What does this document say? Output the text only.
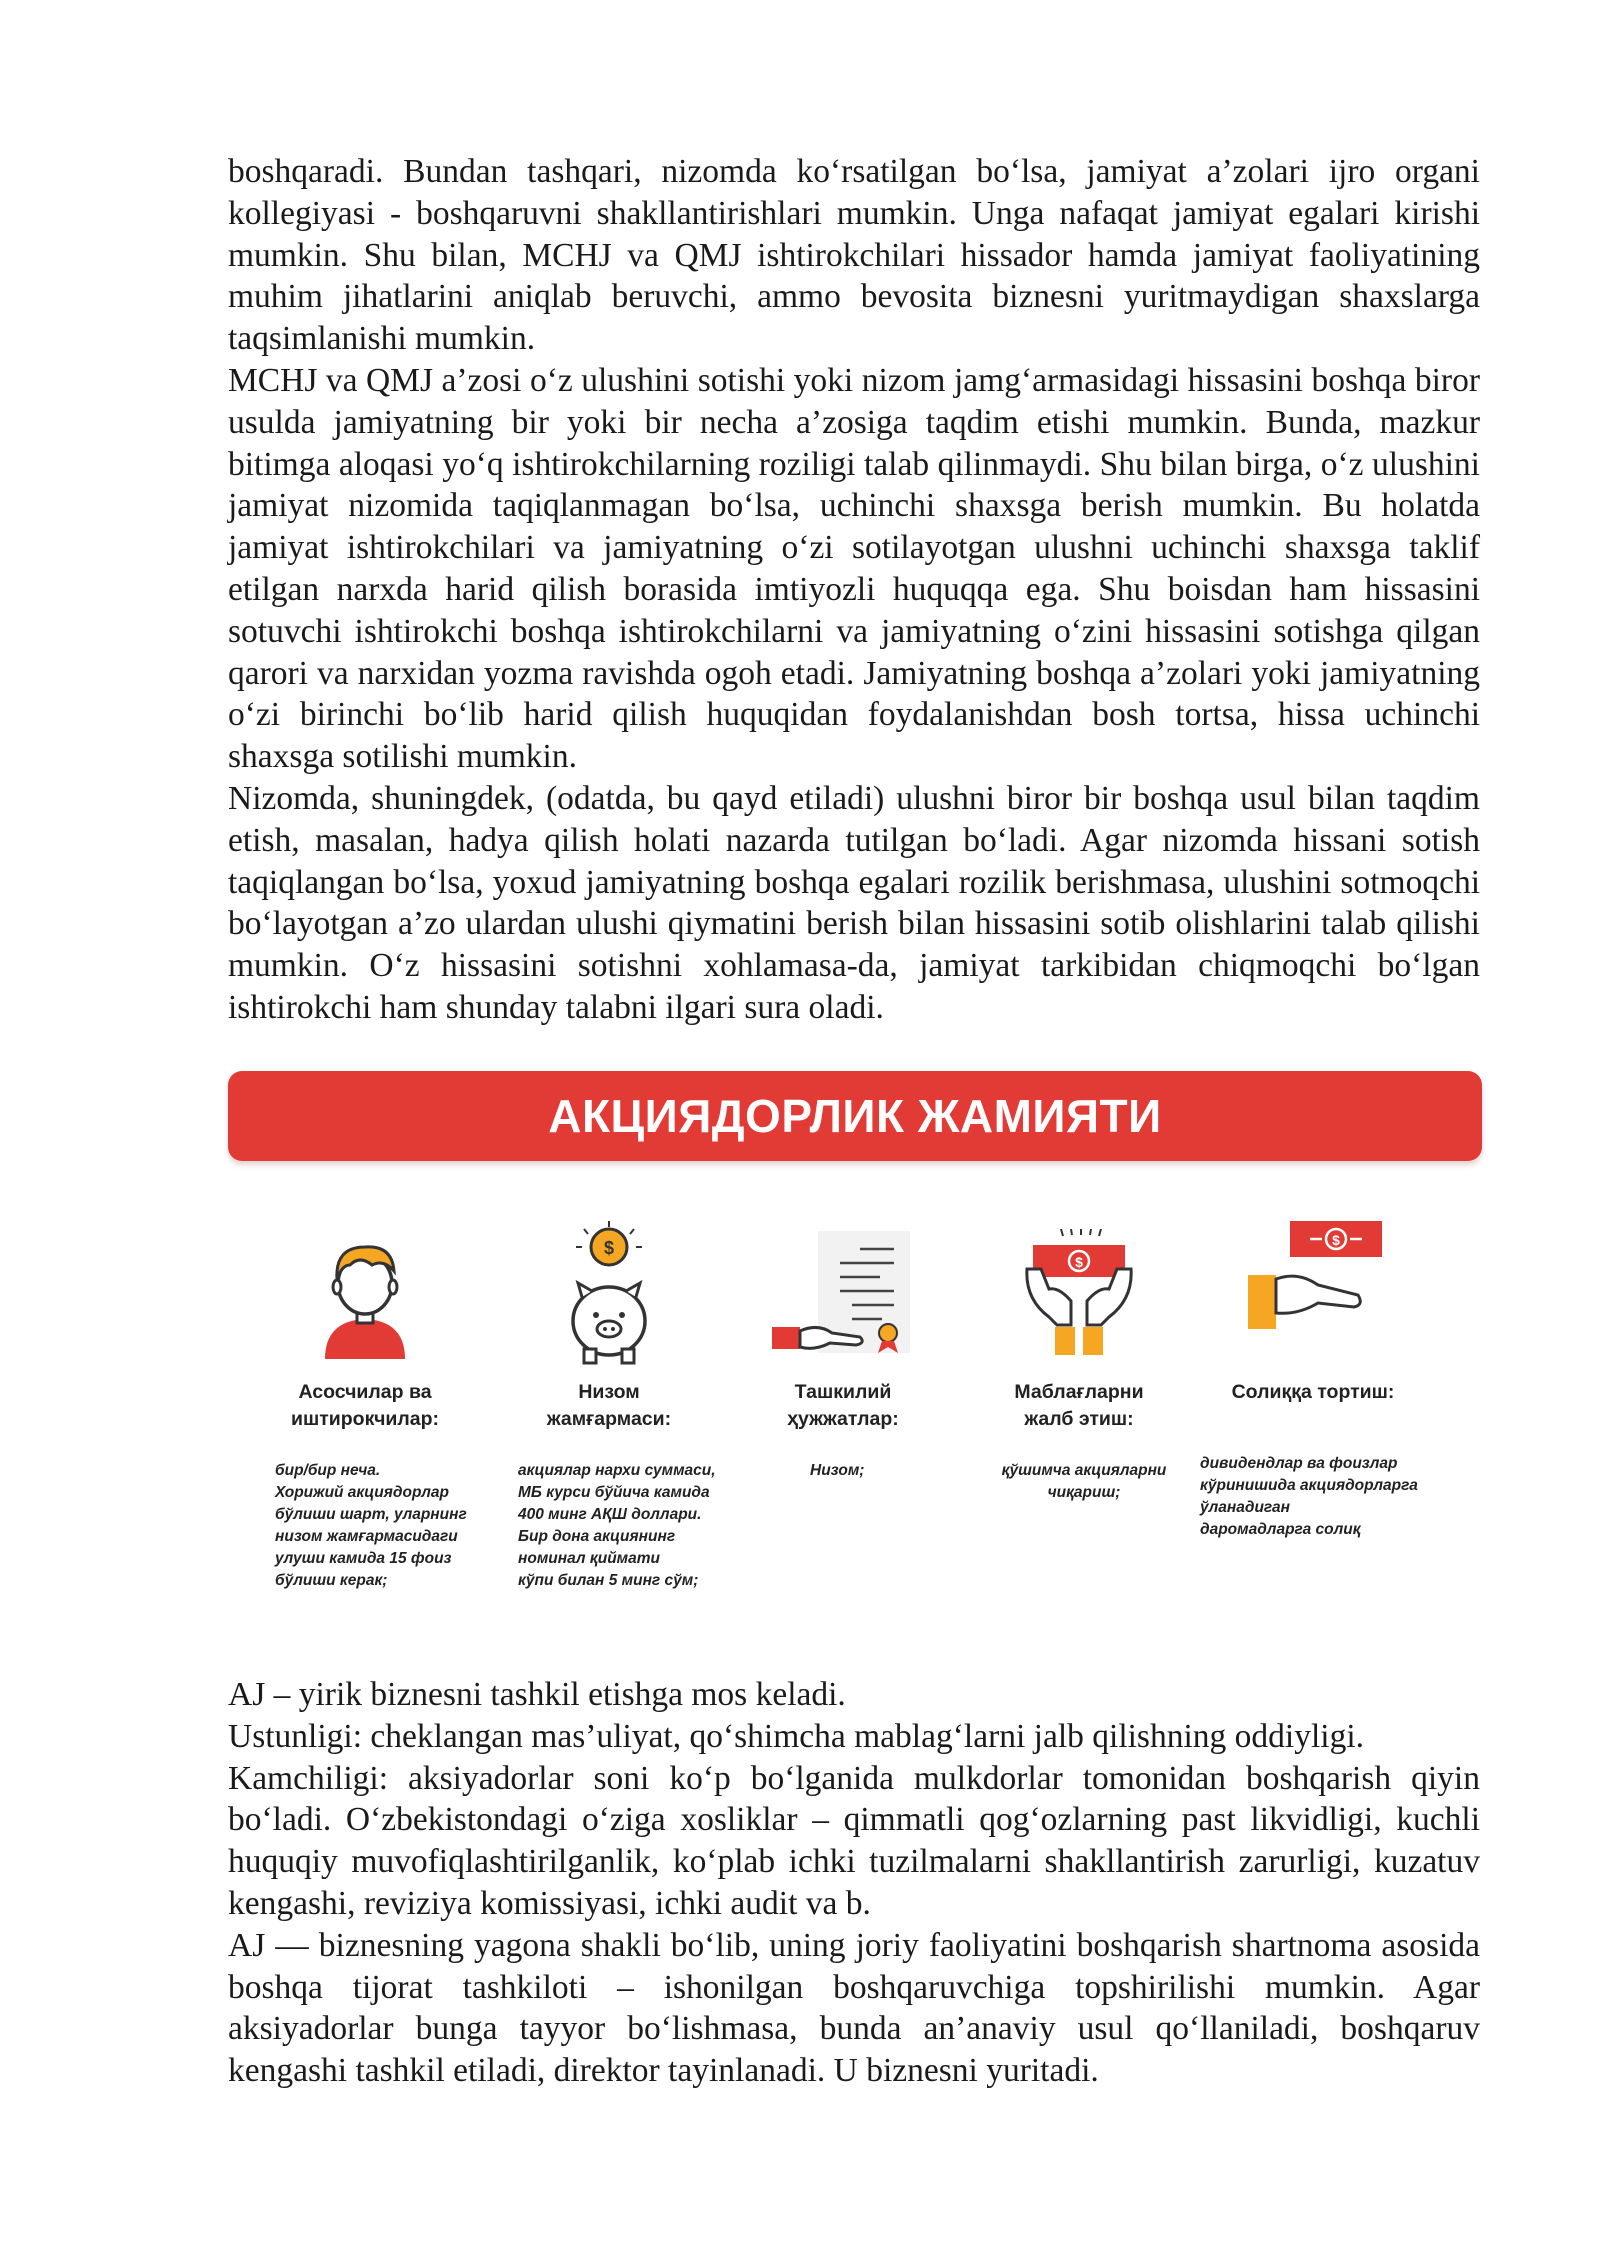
boshqaradi. Bundan tashqari, nizomda ko‘rsatilgan bo‘lsa, jamiyat a’zolari ijro organi kollegiyasi - boshqaruvni shakllantirishlari mumkin. Unga nafaqat jamiyat egalari kirishi mumkin. Shu bilan, MCHJ va QMJ ishtirokchilari hissador hamda jamiyat faoliyatining muhim jihatlarini aniqlab beruvchi, ammo bevosita biznesni yuritmaydigan shaxslarga taqsimlanishi mumkin.

MCHJ va QMJ a’zosi o‘z ulushini sotishi yoki nizom jamg‘armasidagi hissasini boshqa biror usulda jamiyatning bir yoki bir necha a’zosiga taqdim etishi mumkin. Bunda, mazkur bitimga aloqasi yo‘q ishtirokchilarning roziligi talab qilinmaydi. Shu bilan birga, o‘z ulushini jamiyat nizomida taqiqlanmagan bo‘lsa, uchinchi shaxsga berish mumkin. Bu holatda jamiyat ishtirokchilari va jamiyatning o‘zi sotilayotgan ulushni uchinchi shaxsga taklif etilgan narxda harid qilish borasida imtiyozli huquqqa ega. Shu boisdan ham hissasini sotuvchi ishtirokchi boshqa ishtirokchilarni va jamiyatning o‘zini hissasini sotishga qilgan qarori va narxidan yozma ravishda ogoh etadi. Jamiyatning boshqa a’zolari yoki jamiyatning o‘zi birinchi bo‘lib harid qilish huquqidan foydalanishdan bosh tortsa, hissa uchinchi shaxsga sotilishi mumkin.

Nizomda, shuningdek, (odatda, bu qayd etiladi) ulushni biror bir boshqa usul bilan taqdim etish, masalan, hadya qilish holati nazarda tutilgan bo‘ladi. Agar nizomda hissani sotish taqiqlangan bo‘lsa, yoxud jamiyatning boshqa egalari rozilik berishmasa, ulushini sotmoqchi bo‘layotgan a’zo ulardan ulushi qiymatini berish bilan hissasini sotib olishlarini talab qilishi mumkin. O‘z hissasini sotishni xohlamasa-da, jamiyat tarkibidan chiqmoqchi bo‘lgan ishtirokchi ham shunday talabni ilgari sura oladi.

АКЦИЯДОРЛИК ЖАМИЯТИ
Асосчилар ва
иштирокчилар:
бир/бир неча.
Хорижий акциядорлар
бўлиши шарт, уларнинг
низом жамғармасидаги
улуши камида 15 фоиз
бўлиши керак;
$
Низом
жамғармаси:
акциялар нархи суммаси,
МБ курси бўйича камида
400 минг АҚШ доллари.
Бир дона акциянинг
номинал қиймати
кўпи билан 5 минг сўм;
Ташкилий
ҳужжатлар:
Низом;
$
Маблағларни
жалб этиш:
қўшимча акцияларни
чиқариш;
$
Солиққа тортиш:
дивидендлар ва фоизлар
кўринишида акциядорларга
ўланадиган
даромадларга солиқ

AJ – yirik biznesni tashkil etishga mos keladi.

Ustunligi: cheklangan mas’uliyat, qo‘shimcha mablag‘larni jalb qilishning oddiyligi.

Kamchiligi: aksiyadorlar soni ko‘p bo‘lganida mulkdorlar tomonidan boshqarish qiyin bo‘ladi. O‘zbekistondagi o‘ziga xosliklar – qimmatli qog‘ozlarning past likvidligi, kuchli huquqiy muvofiqlashtirilganlik, ko‘plab ichki tuzilmalarni shakllantirish zarurligi, kuzatuv kengashi, reviziya komissiyasi, ichki audit va b.

AJ — biznesning yagona shakli bo‘lib, uning joriy faoliyatini boshqarish shartnoma asosida boshqa tijorat tashkiloti – ishonilgan boshqaruvchiga topshirilishi mumkin. Agar aksiyadorlar bunga tayyor bo‘lishmasa, bunda an’anaviy usul qo‘llaniladi, boshqaruv kengashi tashkil etiladi, direktor tayinlanadi. U biznesni yuritadi.
